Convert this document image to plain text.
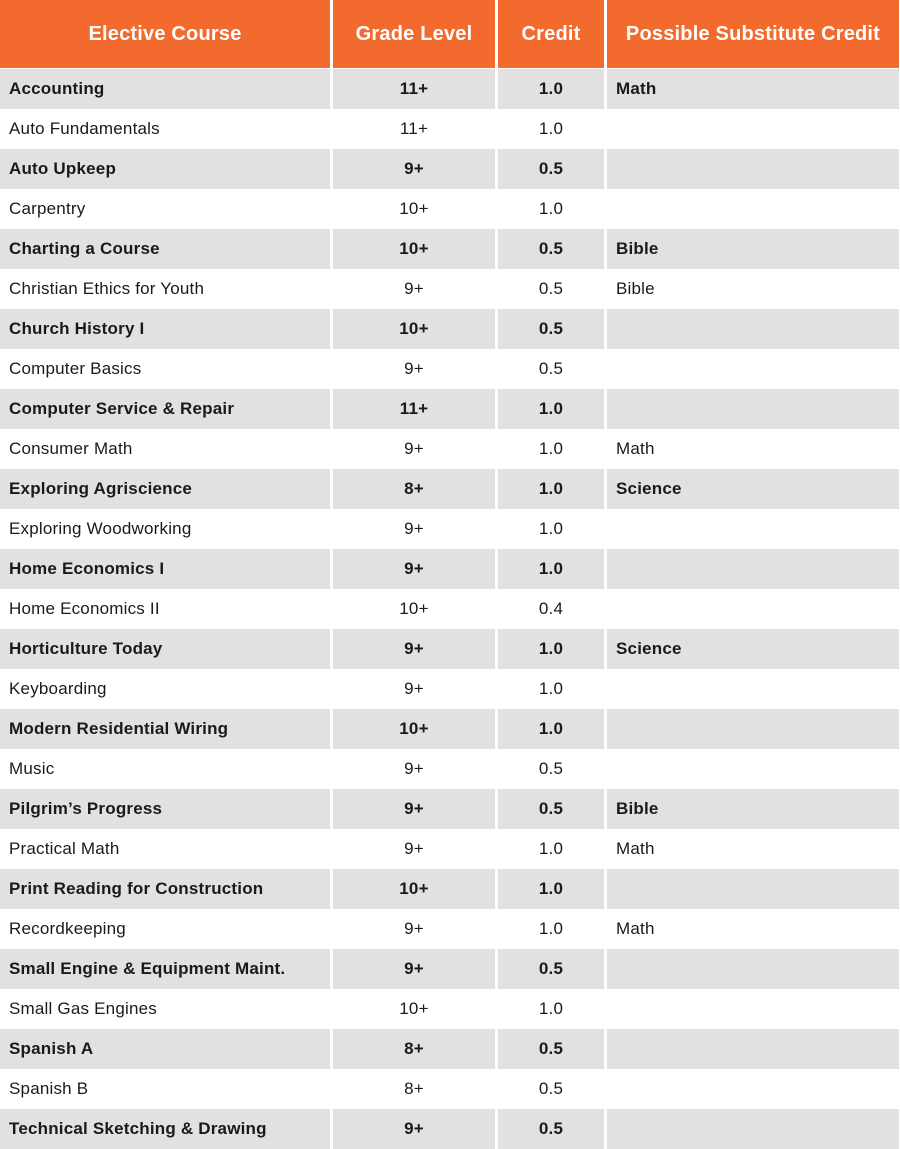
Elective Course	Grade Level	Credit	Possible Substitute Credit
Accounting	11+	1.0	Math
Auto Fundamentals	11+	1.0
Auto Upkeep	9+	0.5
Carpentry	10+	1.0
Charting a Course	10+	0.5	Bible
Christian Ethics for Youth	9+	0.5	Bible
Church History I	10+	0.5
Computer Basics	9+	0.5
Computer Service & Repair	11+	1.0
Consumer Math	9+	1.0	Math
Exploring Agriscience	8+	1.0	Science
Exploring Woodworking	9+	1.0
Home Economics I	9+	1.0
Home Economics II	10+	0.4
Horticulture Today	9+	1.0	Science
Keyboarding	9+	1.0
Modern Residential Wiring	10+	1.0
Music	9+	0.5
Pilgrim’s Progress	9+	0.5	Bible
Practical Math	9+	1.0	Math
Print Reading for Construction	10+	1.0
Recordkeeping	9+	1.0	Math
Small Engine & Equipment Maint.	9+	0.5
Small Gas Engines	10+	1.0
Spanish A	8+	0.5
Spanish B	8+	0.5
Technical Sketching & Drawing	9+	0.5
